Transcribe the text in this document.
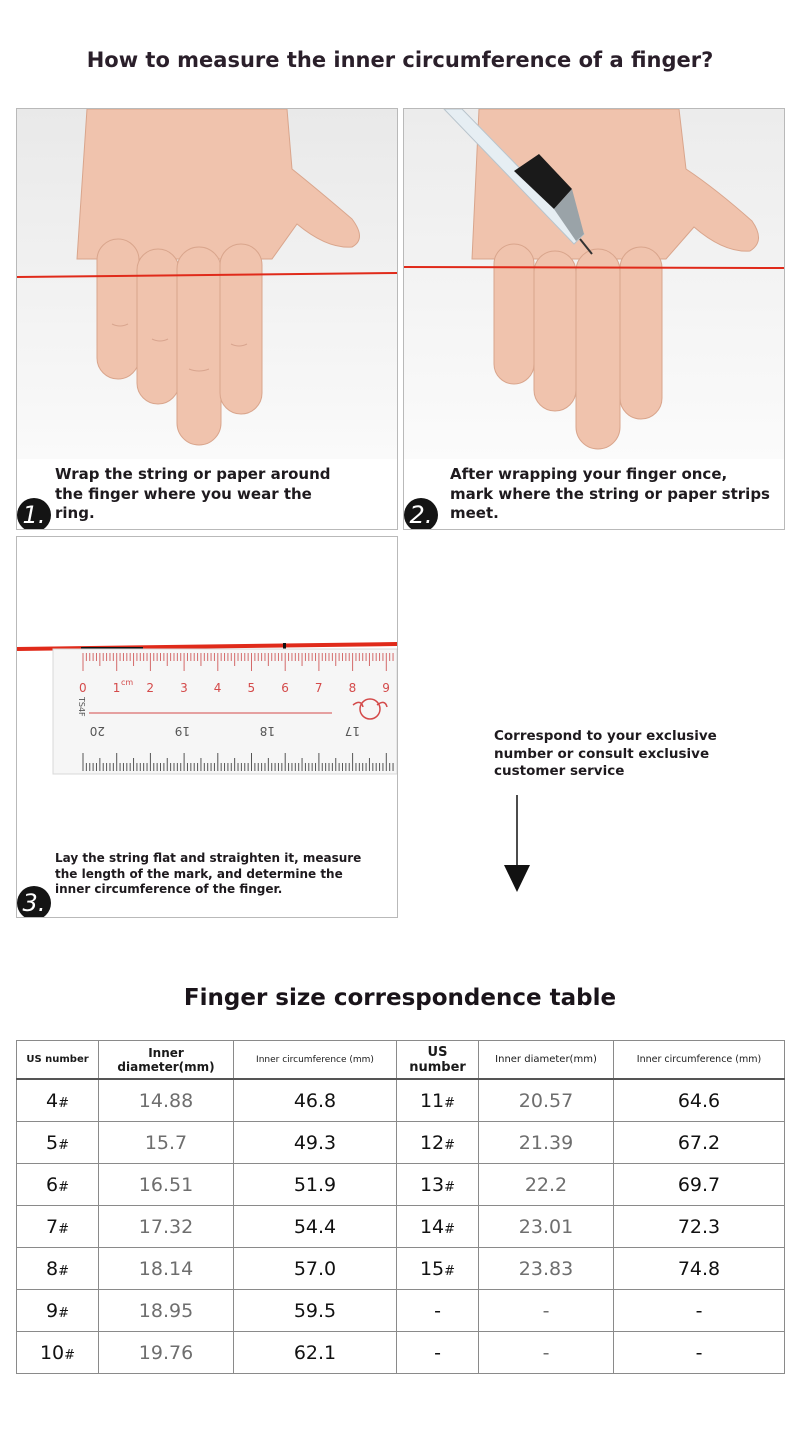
How to measure the inner circumference of a finger?
Wrap the string or paper around the finger where you wear the ring.
1.
After wrapping your finger once, mark where the string or paper strips meet.
2.
0 1 2 3 4 5 6 7 8 9
cm
TS4F
20	19	18	17
Lay the string flat and straighten it, measure the length of the mark, and determine the inner circumference of the finger.
3.
Correspond to your exclusive number or consult exclusive customer service
Finger size correspondence table
US number	Inner diameter(mm)	Inner circumference (mm)	US number	Inner diameter(mm)	Inner circumference (mm)
4#	14.88	46.8	11#	20.57	64.6
5#	15.7	49.3	12#	21.39	67.2
6#	16.51	51.9	13#	22.2	69.7
7#	17.32	54.4	14#	23.01	72.3
8#	18.14	57.0	15#	23.83	74.8
9#	18.95	59.5	-	-	-
10#	19.76	62.1	-	-	-
